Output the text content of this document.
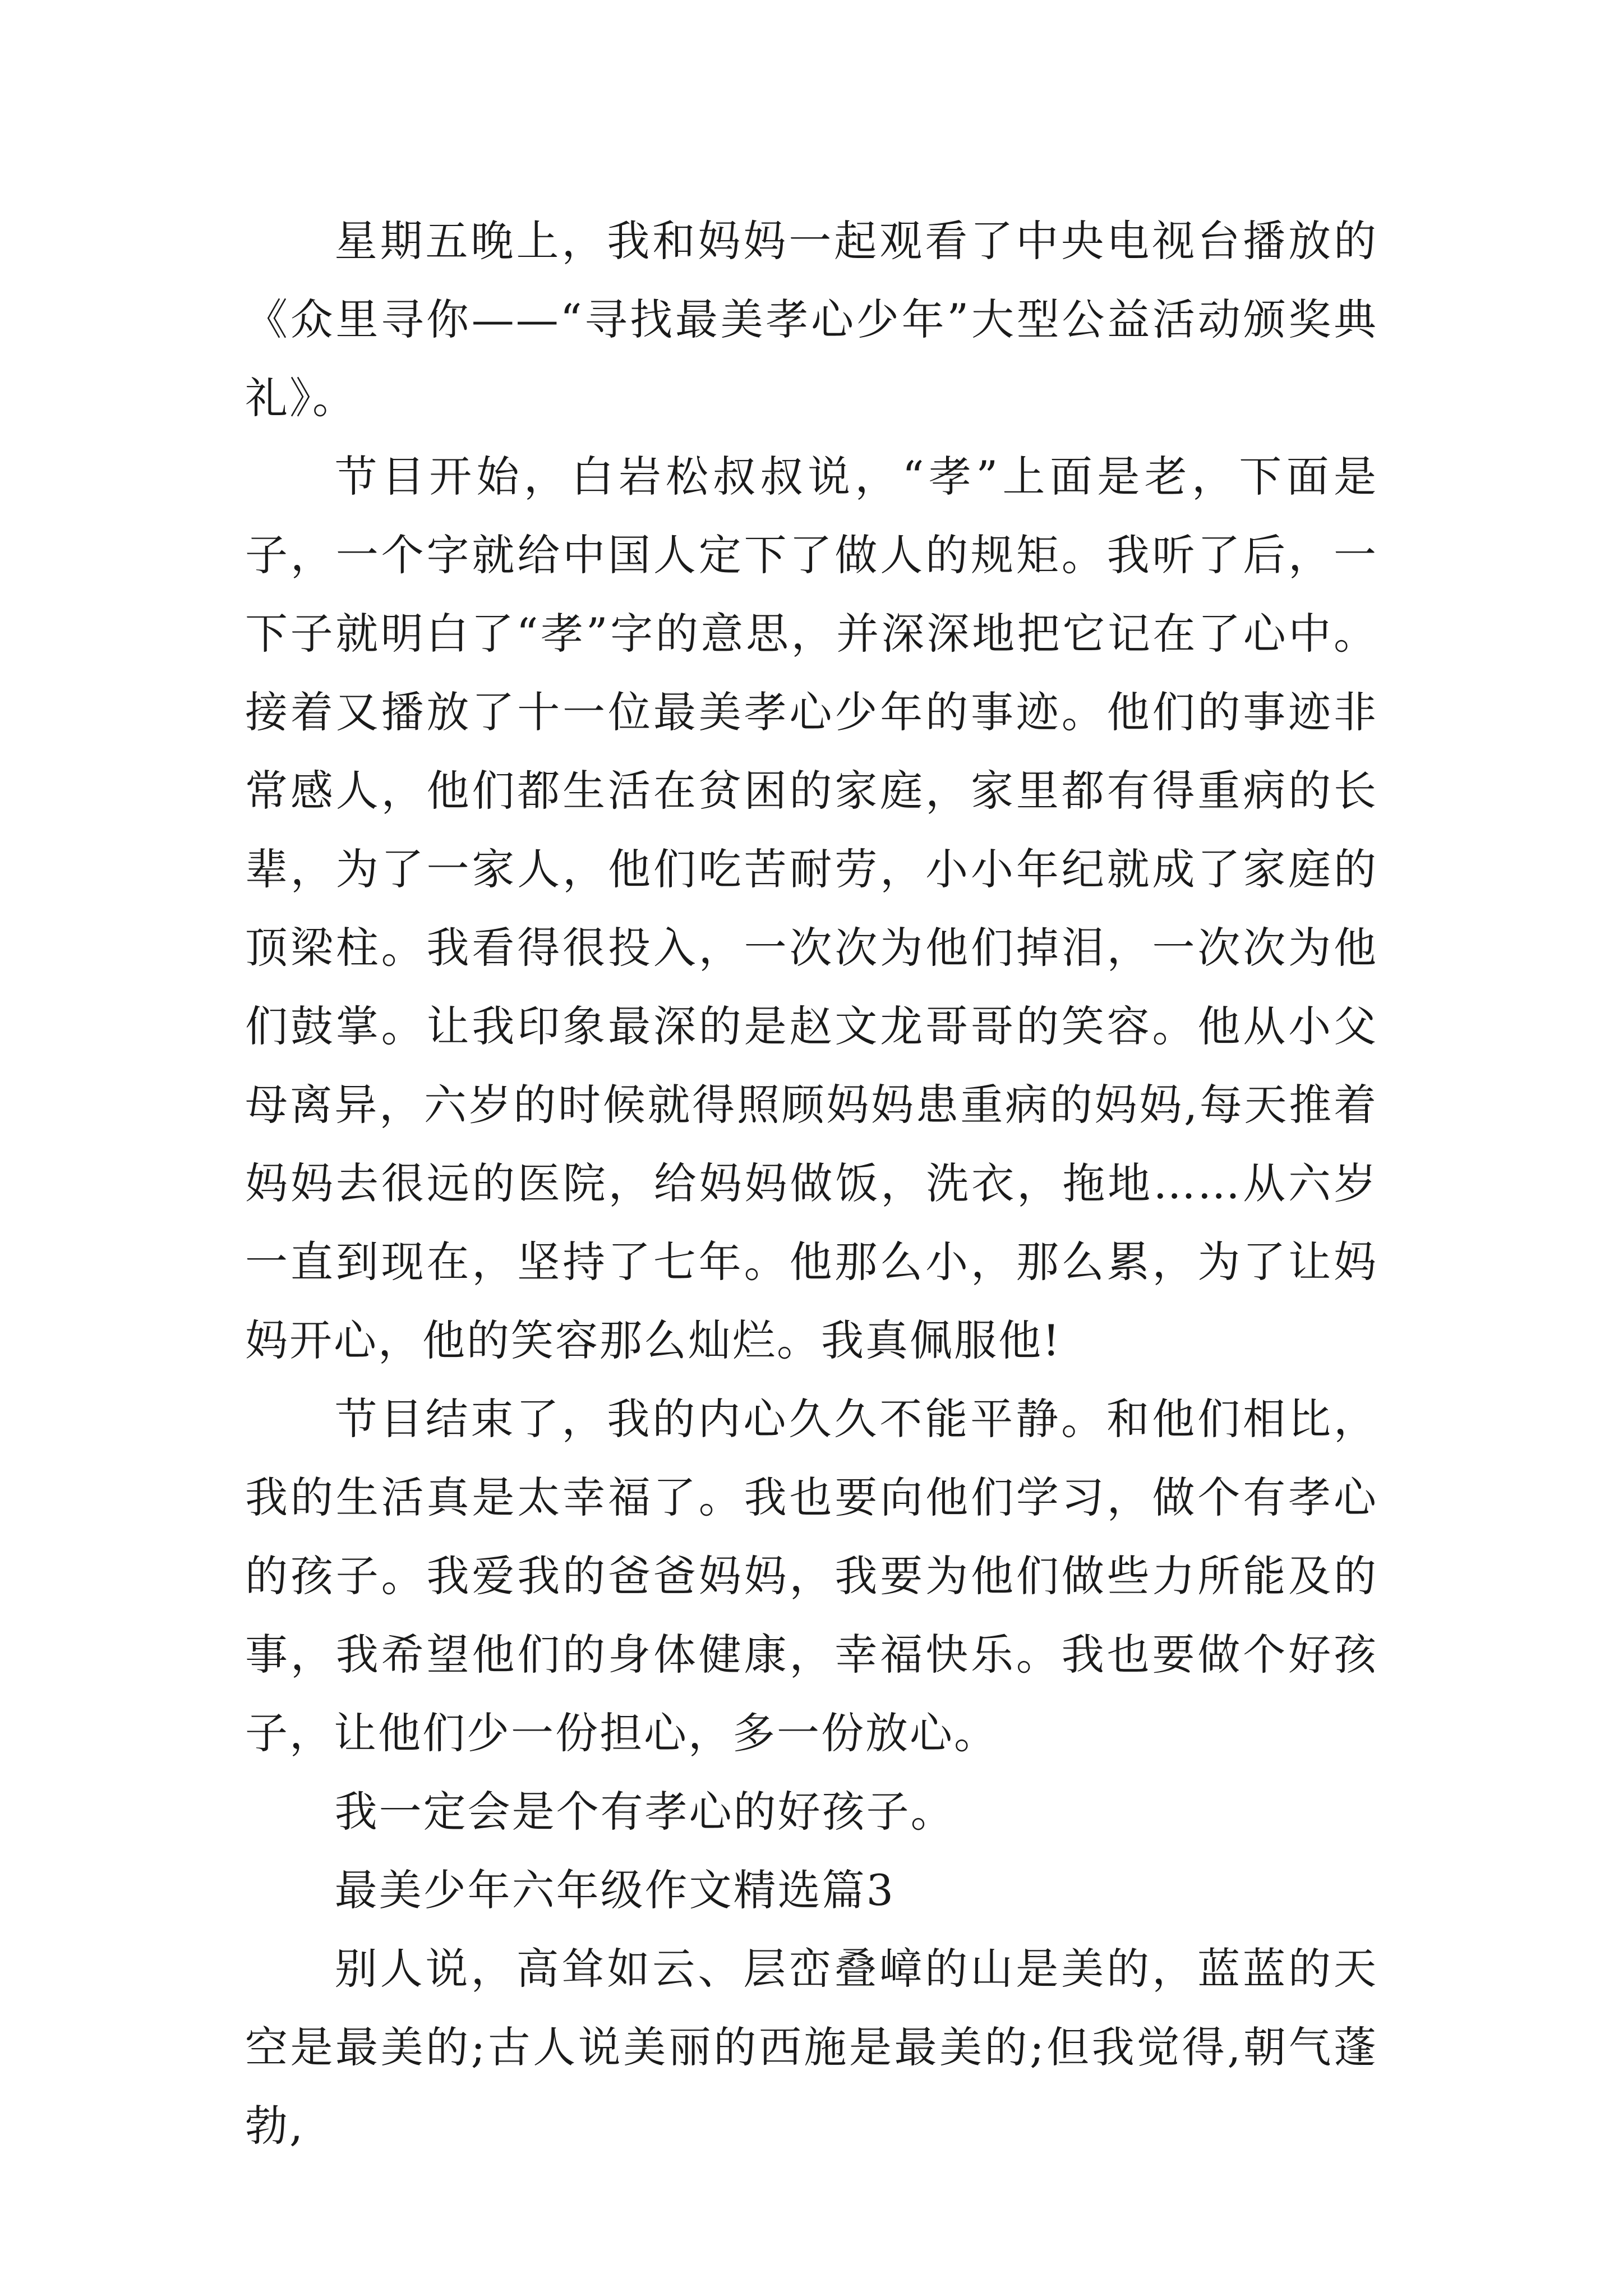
星期五晚上，我和妈妈一起观看了中央电视台播放的《众里寻你——“寻找最美孝心少年”大型公益活动颁奖典礼》。

节目开始，白岩松叔叔说，“孝”上面是老，下面是子，一个字就给中国人定下了做人的规矩。我听了后，一下子就明白了“孝”字的意思，并深深地把它记在了心中。接着又播放了十一位最美孝心少年的事迹。他们的事迹非常感人，他们都生活在贫困的家庭，家里都有得重病的长辈，为了一家人，他们吃苦耐劳，小小年纪就成了家庭的顶梁柱。我看得很投入，一次次为他们掉泪，一次次为他们鼓掌。让我印象最深的是赵文龙哥哥的笑容。他从小父母离异，六岁的时候就得照顾妈妈患重病的妈妈,每天推着妈妈去很远的医院，给妈妈做饭，洗衣，拖地……从六岁一直到现在，坚持了七年。他那么小，那么累，为了让妈妈开心，他的笑容那么灿烂。我真佩服他!

节目结束了，我的内心久久不能平静。和他们相比，我的生活真是太幸福了。我也要向他们学习，做个有孝心的孩子。我爱我的爸爸妈妈，我要为他们做些力所能及的事，我希望他们的身体健康，幸福快乐。我也要做个好孩子，让他们少一份担心，多一份放心。

我一定会是个有孝心的好孩子。

最美少年六年级作文精选篇3

别人说，高耸如云、层峦叠嶂的山是美的，蓝蓝的天空是最美的;古人说美丽的西施是最美的;但我觉得,朝气蓬勃,
